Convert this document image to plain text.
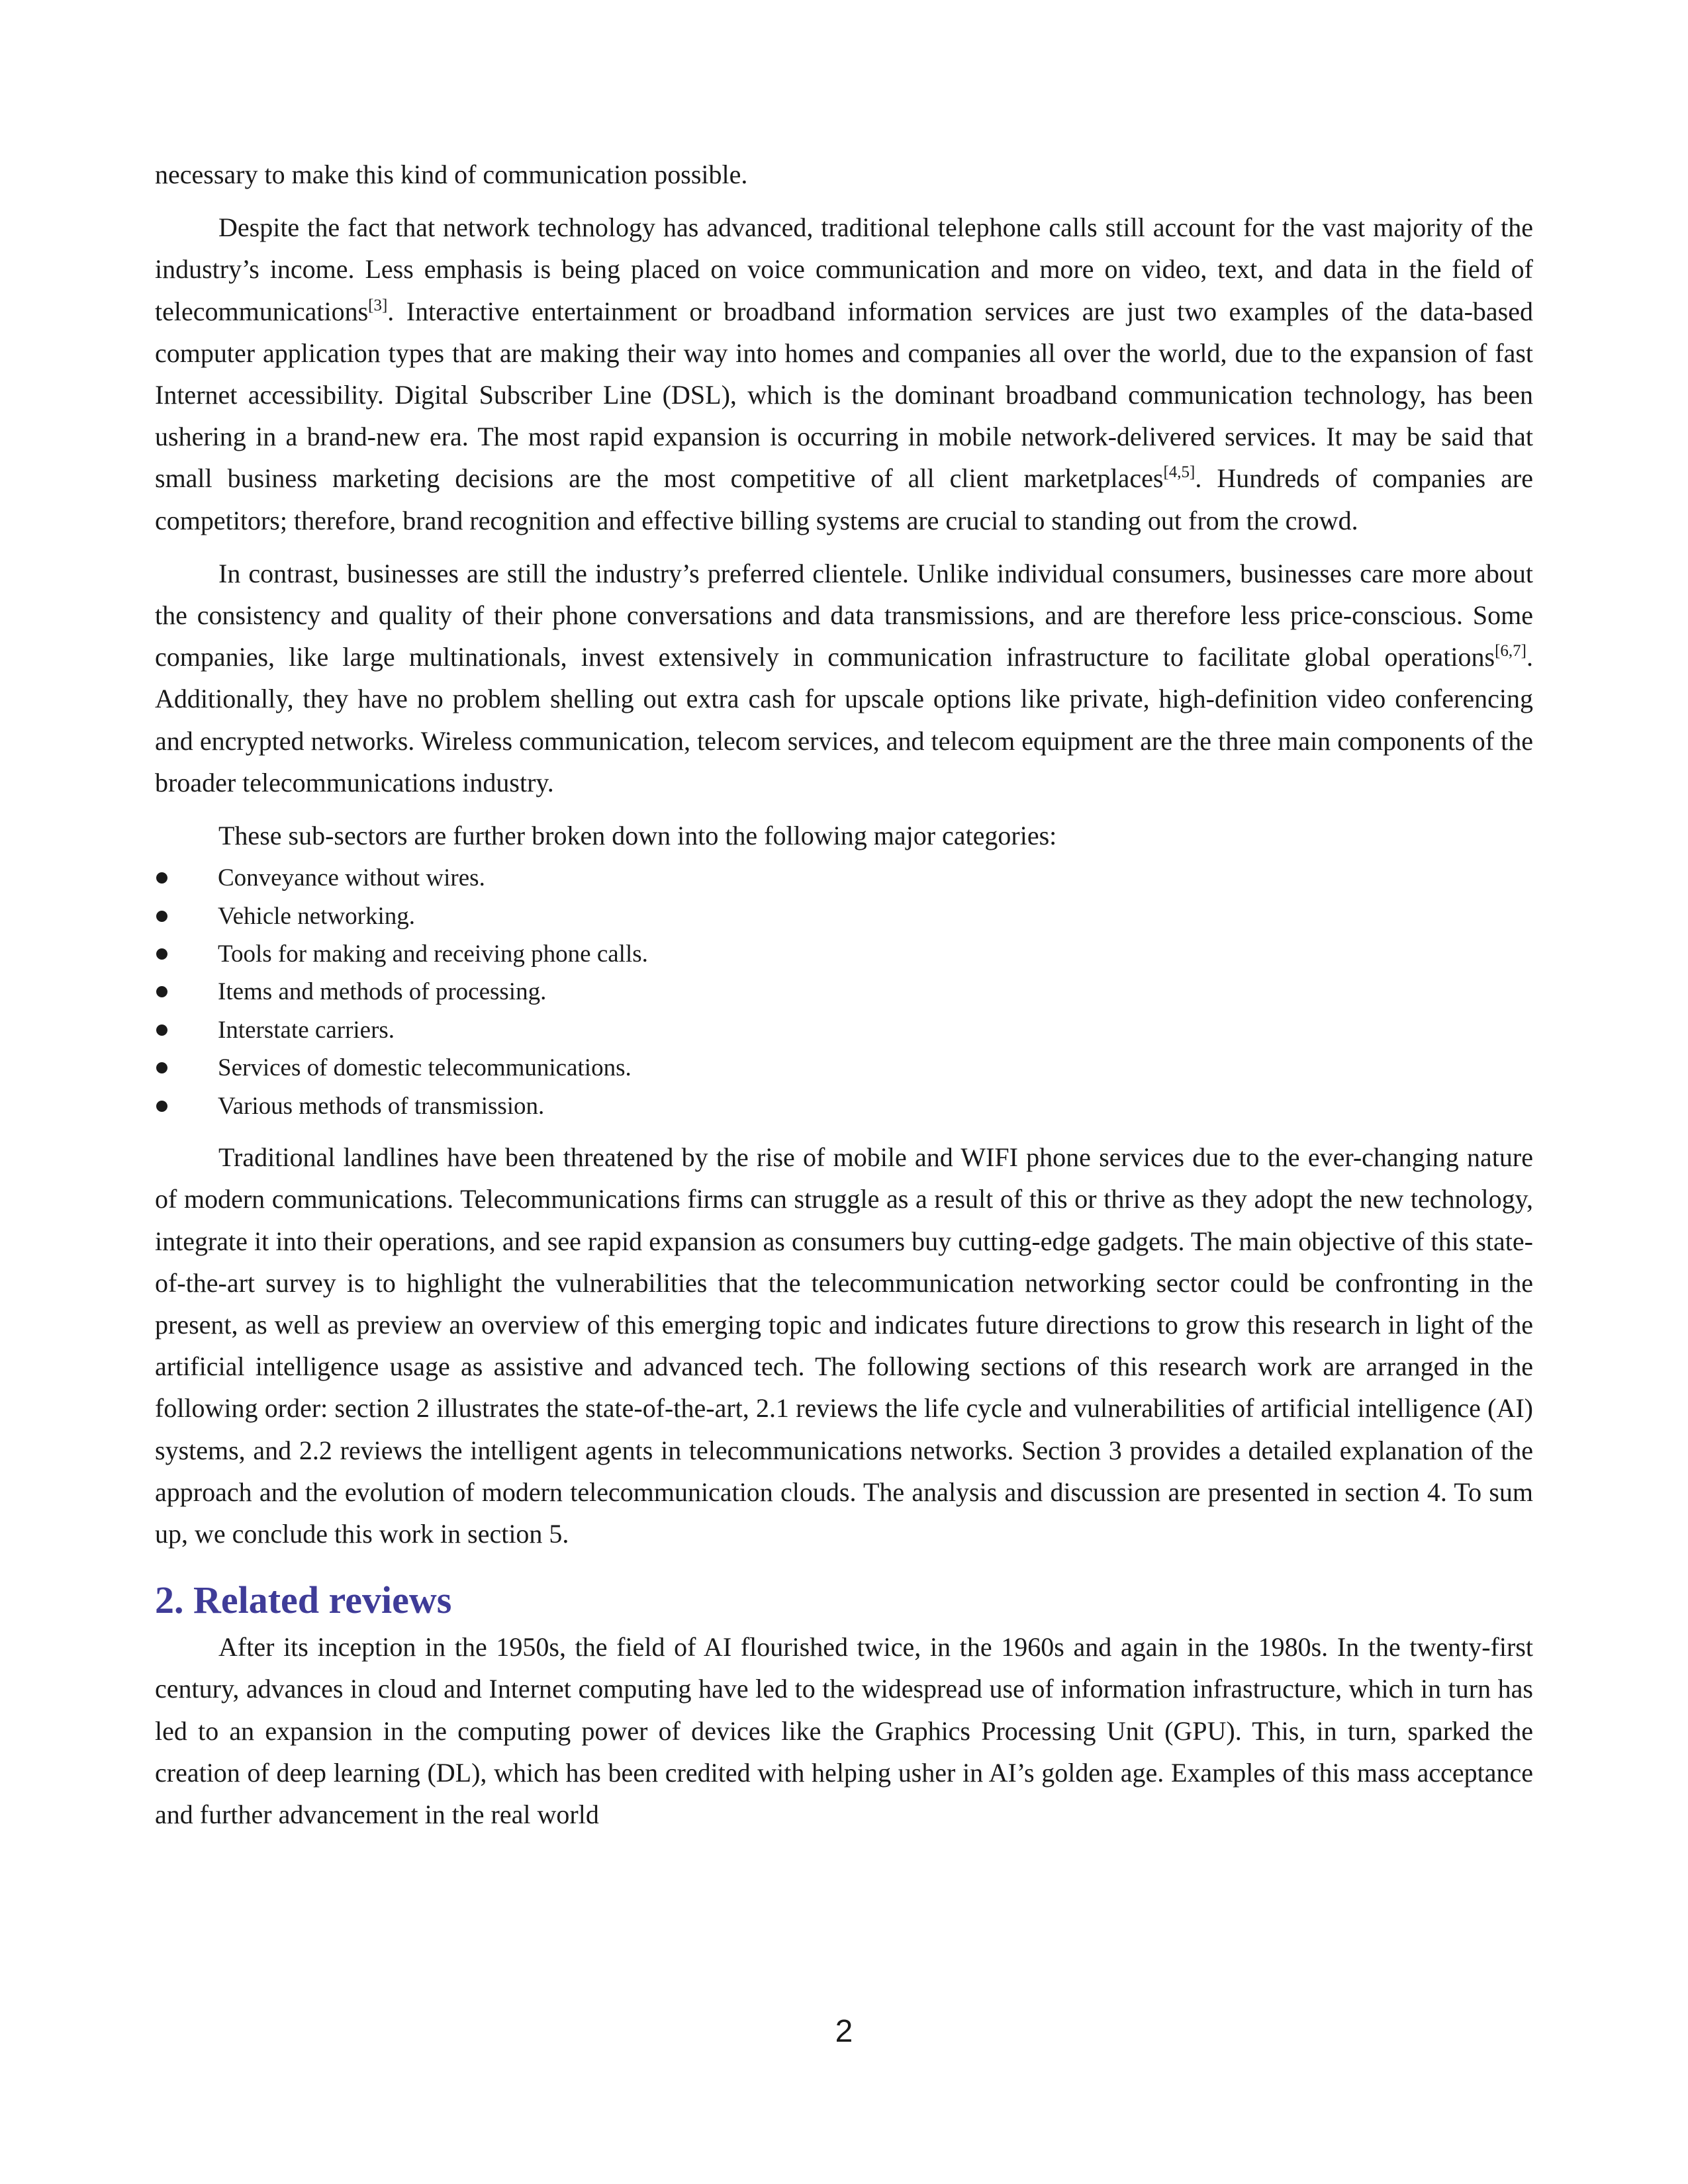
necessary to make this kind of communication possible.

Despite the fact that network technology has advanced, traditional telephone calls still account for the vast majority of the industry’s income. Less emphasis is being placed on voice communication and more on video, text, and data in the field of telecommunications[3]. Interactive entertainment or broadband information services are just two examples of the data-based computer application types that are making their way into homes and companies all over the world, due to the expansion of fast Internet accessibility. Digital Subscriber Line (DSL), which is the dominant broadband communication technology, has been ushering in a brand-new era. The most rapid expansion is occurring in mobile network-delivered services. It may be said that small business marketing decisions are the most competitive of all client marketplaces[4,5]. Hundreds of companies are competitors; therefore, brand recognition and effective billing systems are crucial to standing out from the crowd.

In contrast, businesses are still the industry’s preferred clientele. Unlike individual consumers, businesses care more about the consistency and quality of their phone conversations and data transmissions, and are therefore less price-conscious. Some companies, like large multinationals, invest extensively in communication infrastructure to facilitate global operations[6,7]. Additionally, they have no problem shelling out extra cash for upscale options like private, high-definition video conferencing and encrypted networks. Wireless communication, telecom services, and telecom equipment are the three main components of the broader telecommunications industry.

These sub-sectors are further broken down into the following major categories:

Conveyance without wires.
Vehicle networking.
Tools for making and receiving phone calls.
Items and methods of processing.
Interstate carriers.
Services of domestic telecommunications.
Various methods of transmission.

Traditional landlines have been threatened by the rise of mobile and WIFI phone services due to the ever-changing nature of modern communications. Telecommunications firms can struggle as a result of this or thrive as they adopt the new technology, integrate it into their operations, and see rapid expansion as consumers buy cutting-edge gadgets. The main objective of this state-of-the-art survey is to highlight the vulnerabilities that the telecommunication networking sector could be confronting in the present, as well as preview an overview of this emerging topic and indicates future directions to grow this research in light of the artificial intelligence usage as assistive and advanced tech. The following sections of this research work are arranged in the following order: section 2 illustrates the state-of-the-art, 2.1 reviews the life cycle and vulnerabilities of artificial intelligence (AI) systems, and 2.2 reviews the intelligent agents in telecommunications networks. Section 3 provides a detailed explanation of the approach and the evolution of modern telecommunication clouds. The analysis and discussion are presented in section 4. To sum up, we conclude this work in section 5.

2. Related reviews

After its inception in the 1950s, the field of AI flourished twice, in the 1960s and again in the 1980s. In the twenty-first century, advances in cloud and Internet computing have led to the widespread use of information infrastructure, which in turn has led to an expansion in the computing power of devices like the Graphics Processing Unit (GPU). This, in turn, sparked the creation of deep learning (DL), which has been credited with helping usher in AI’s golden age. Examples of this mass acceptance and further advancement in the real world

2
